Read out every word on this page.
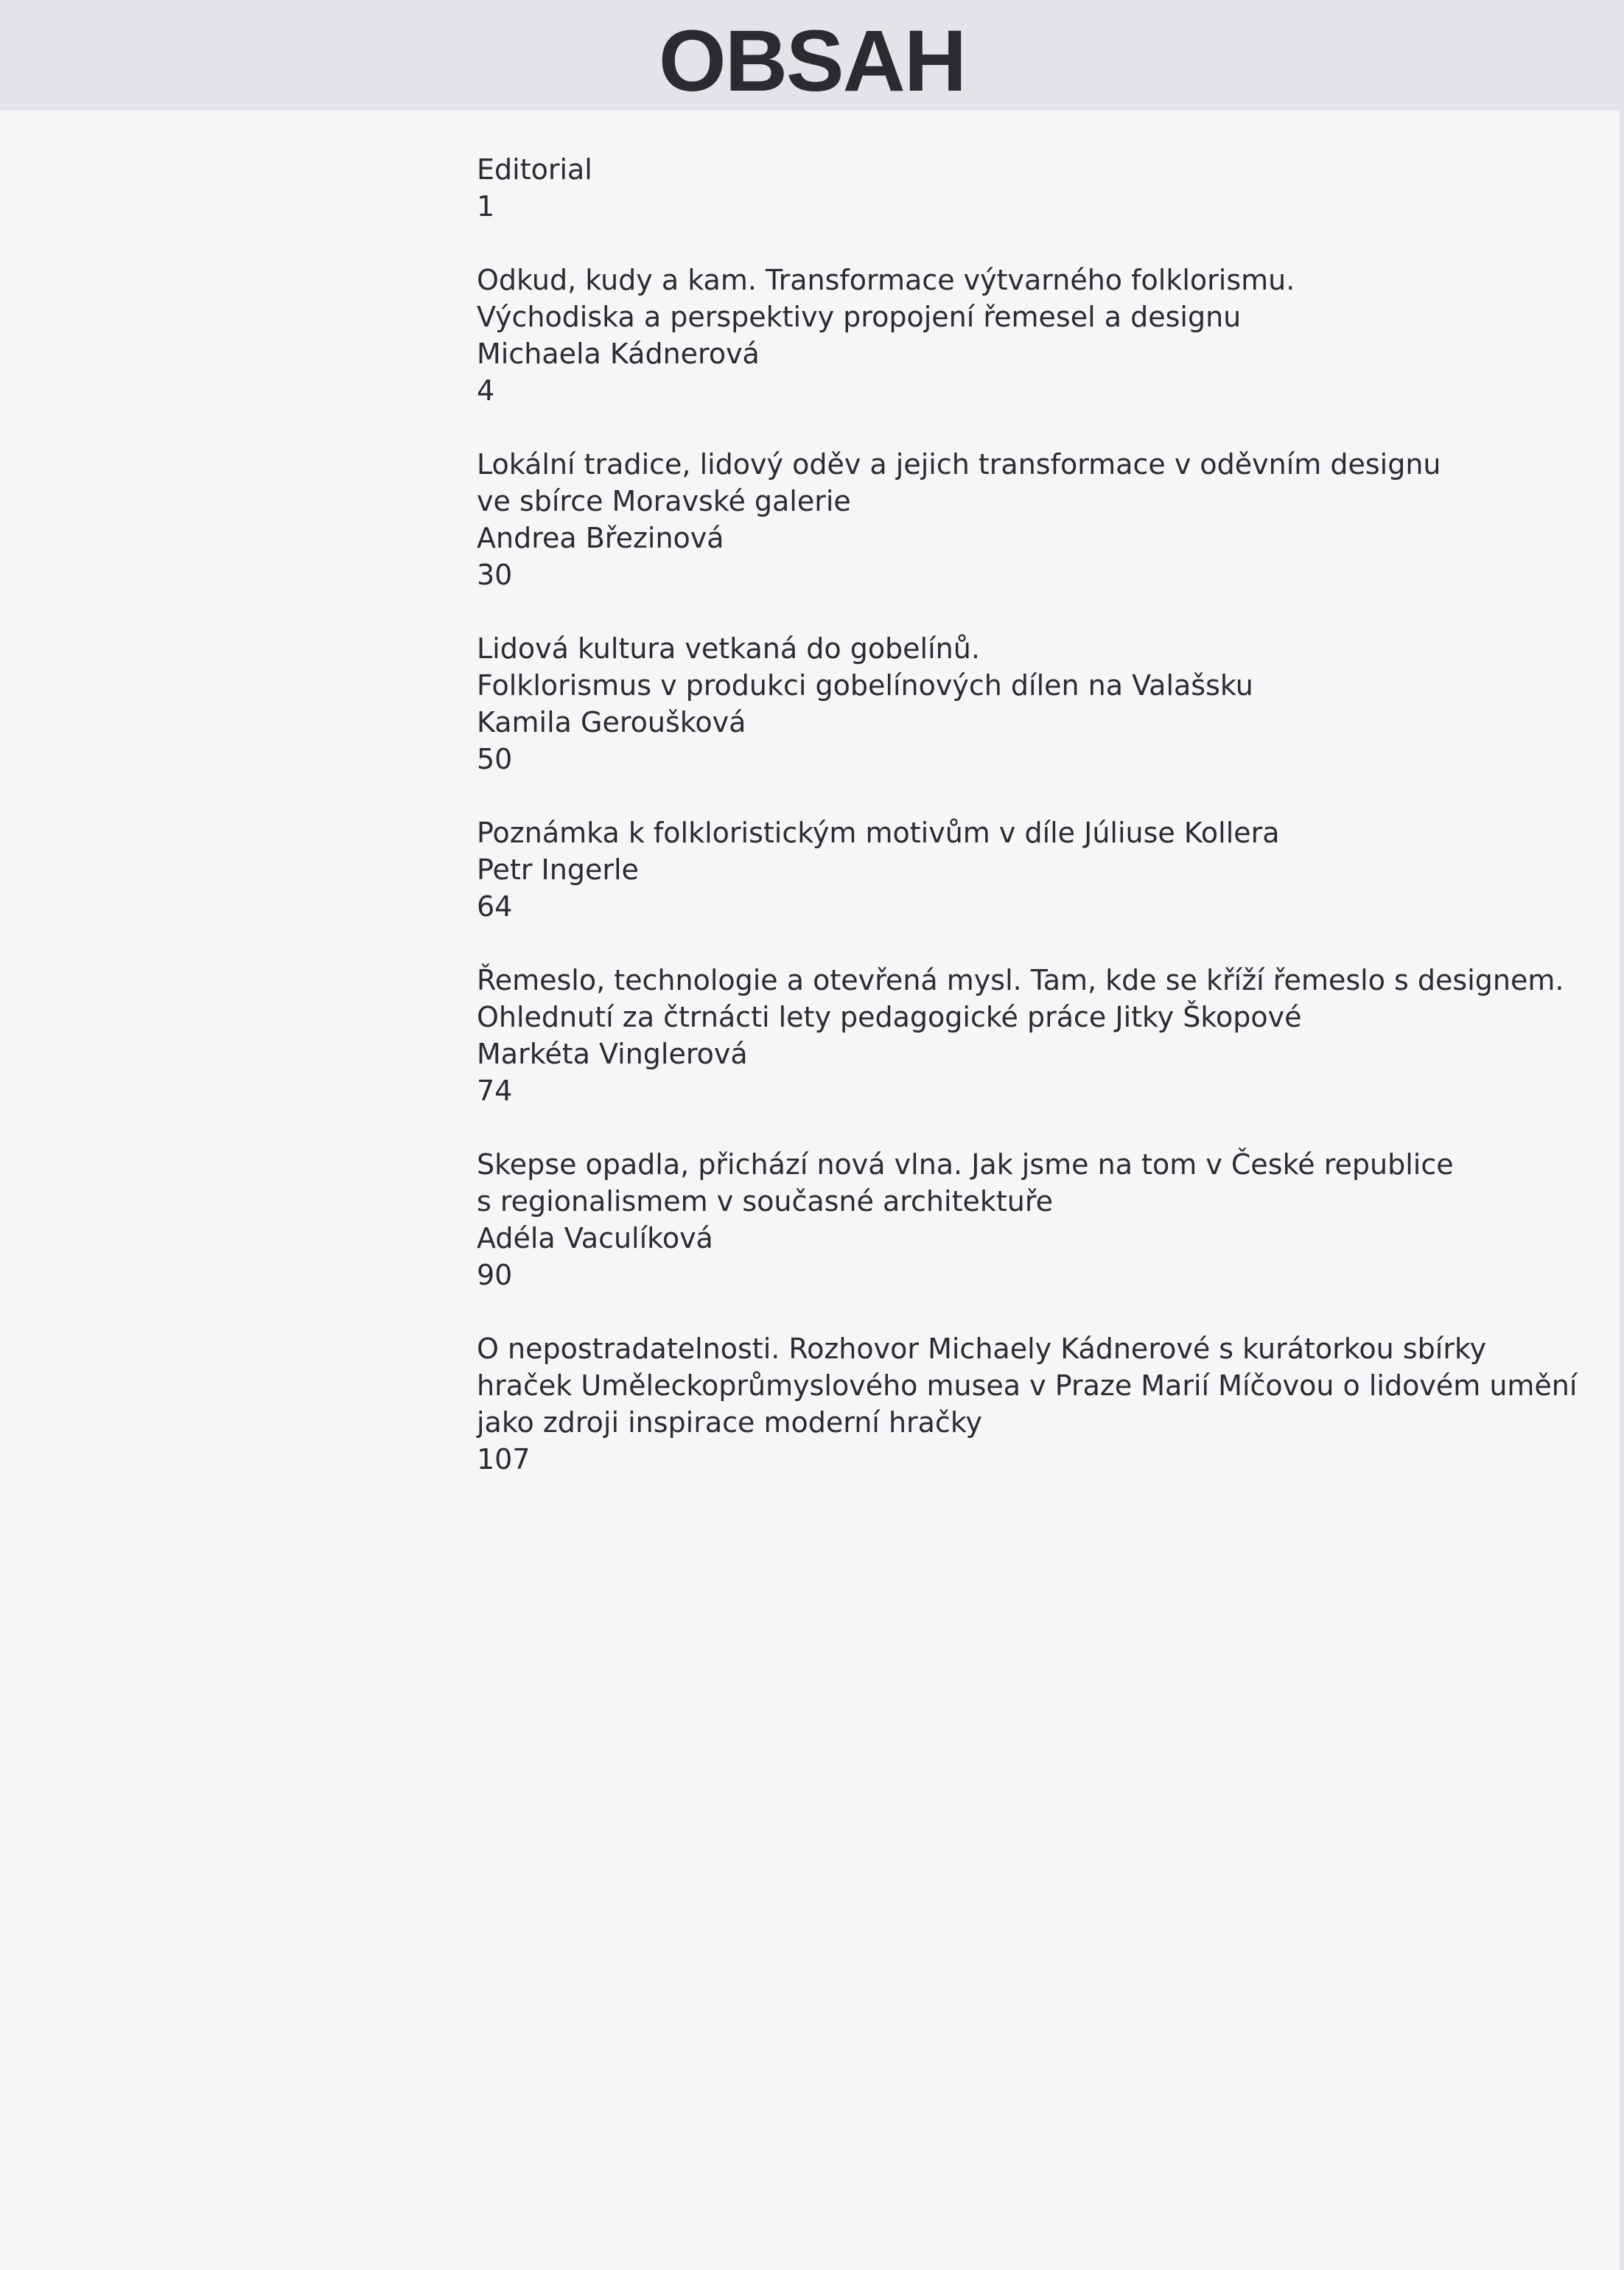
OBSAH
Editorial
1
Odkud, kudy a kam. Transformace výtvarného folklorismu.
Východiska a perspektivy propojení řemesel a designu
Michaela Kádnerová
4
Lokální tradice, lidový oděv a jejich transformace v oděvním designu
ve sbírce Moravské galerie
Andrea Březinová
30
Lidová kultura vetkaná do gobelínů.
Folklorismus v produkci gobelínových dílen na Valašsku
Kamila Geroušková
50
Poznámka k folkloristickým motivům v díle Júliuse Kollera
Petr Ingerle
64
Řemeslo, technologie a otevřená mysl. Tam, kde se kříží řemeslo s designem.
Ohlednutí za čtrnácti lety pedagogické práce Jitky Škopové
Markéta Vinglerová
74
Skepse opadla, přichází nová vlna. Jak jsme na tom v České republice
s regionalismem v současné architektuře
Adéla Vaculíková
90
O nepostradatelnosti. Rozhovor Michaely Kádnerové s kurátorkou sbírky
hraček Uměleckoprůmyslového musea v Praze Marií Míčovou o lidovém umění
jako zdroji inspirace moderní hračky
107
